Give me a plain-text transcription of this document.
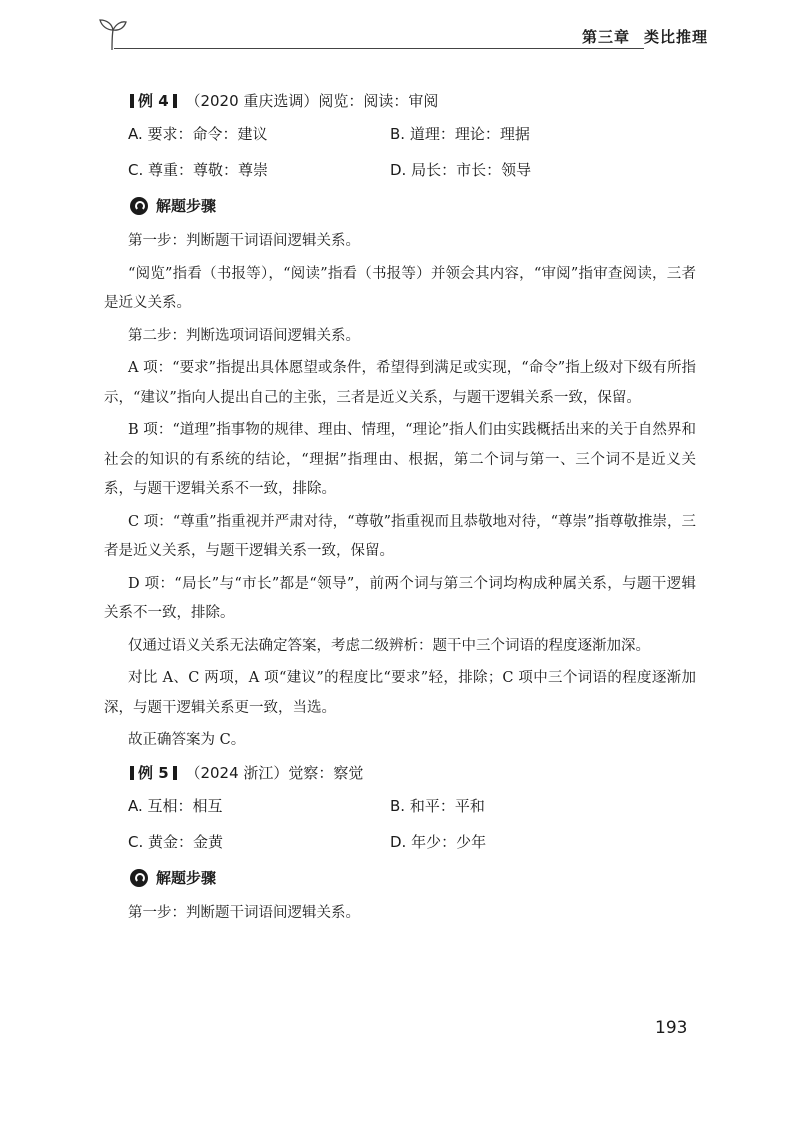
第三章 类比推理
例 4 （2020 重庆选调）阅览：阅读：审阅
A. 要求：命令：建议	B. 道理：理论：理据
C. 尊重：尊敬：尊崇	D. 局长：市长：领导
解题步骤

第一步：判断题干词语间逻辑关系。

“阅览”指看（书报等），“阅读”指看（书报等）并领会其内容，“审阅”指审查阅读，三者是近义关系。

第二步：判断选项词语间逻辑关系。

A 项：“要求”指提出具体愿望或条件，希望得到满足或实现，“命令”指上级对下级有所指示，“建议”指向人提出自己的主张，三者是近义关系，与题干逻辑关系一致，保留。

B 项：“道理”指事物的规律、理由、情理，“理论”指人们由实践概括出来的关于自然界和社会的知识的有系统的结论，“理据”指理由、根据，第二个词与第一、三个词不是近义关系，与题干逻辑关系不一致，排除。

C 项：“尊重”指重视并严肃对待，“尊敬”指重视而且恭敬地对待，“尊崇”指尊敬推崇，三者是近义关系，与题干逻辑关系一致，保留。

D 项：“局长”与“市长”都是“领导”，前两个词与第三个词均构成种属关系，与题干逻辑关系不一致，排除。

仅通过语义关系无法确定答案，考虑二级辨析：题干中三个词语的程度逐渐加深。

对比 A、C 两项，A 项“建议”的程度比“要求”轻，排除；C 项中三个词语的程度逐渐加深，与题干逻辑关系更一致，当选。

故正确答案为 C。

例 5 （2024 浙江）觉察：察觉
A. 互相：相互	B. 和平：平和
C. 黄金：金黄	D. 年少：少年
解题步骤

第一步：判断题干词语间逻辑关系。

193
